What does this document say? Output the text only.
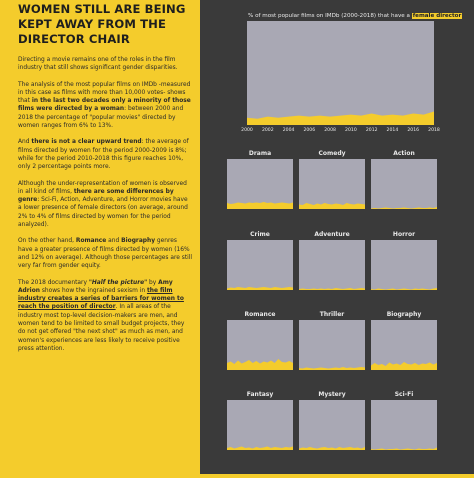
WOMEN STILL ARE BEING KEPT AWAY FROM THE DIRECTOR CHAIR

Directing a movie remains one of the roles in the film industry that still shows significant gender disparities.

The analysis of the most popular films on IMDb -measured in this case as films with more than 10,000 votes- shows that in the last two decades only a minority of those films were directed by a woman: between 2000 and 2018 the percentage of "popular movies" directed by women ranges from 6% to 13%.

And there is not a clear upward trend: the average of films directed by women for the period 2000-2009 is 8%; while for the period 2010-2018 this figure reaches 10%, only 2 percentage points more.

Although the under-representation of women is observed in all kind of films, there are some differences by genre: Sci-Fi, Action, Adventure, and Horror movies have a lower presence of female directors (on average, around 2% to 4% of films directed by women for the period analyzed).

On the other hand, Romance and Biography genres have a greater presence of films directed by women (16% and 12% on average). Although those percentages are still very far from gender equity.

The 2018 documentary "Half the picture" by Amy Adrion shows how the ingrained sexism in the film industry creates a series of barriers for women to reach the position of director. In all areas of the industry most top-level decision-makers are men, and women tend to be limited to small budget projects, they do not get offered "the next shot" as much as men, and women's experiences are less likely to receive positive press attention.

% of most popular films on IMDb (2000-2018) that have a female director
2000 2002 2004 2006 2008 2010 2012 2014 2016 2018
Drama	Comedy	Action
Crime	Adventure	Horror
Romance	Thriller	Biography
Fantasy	Mystery	Sci-Fi
